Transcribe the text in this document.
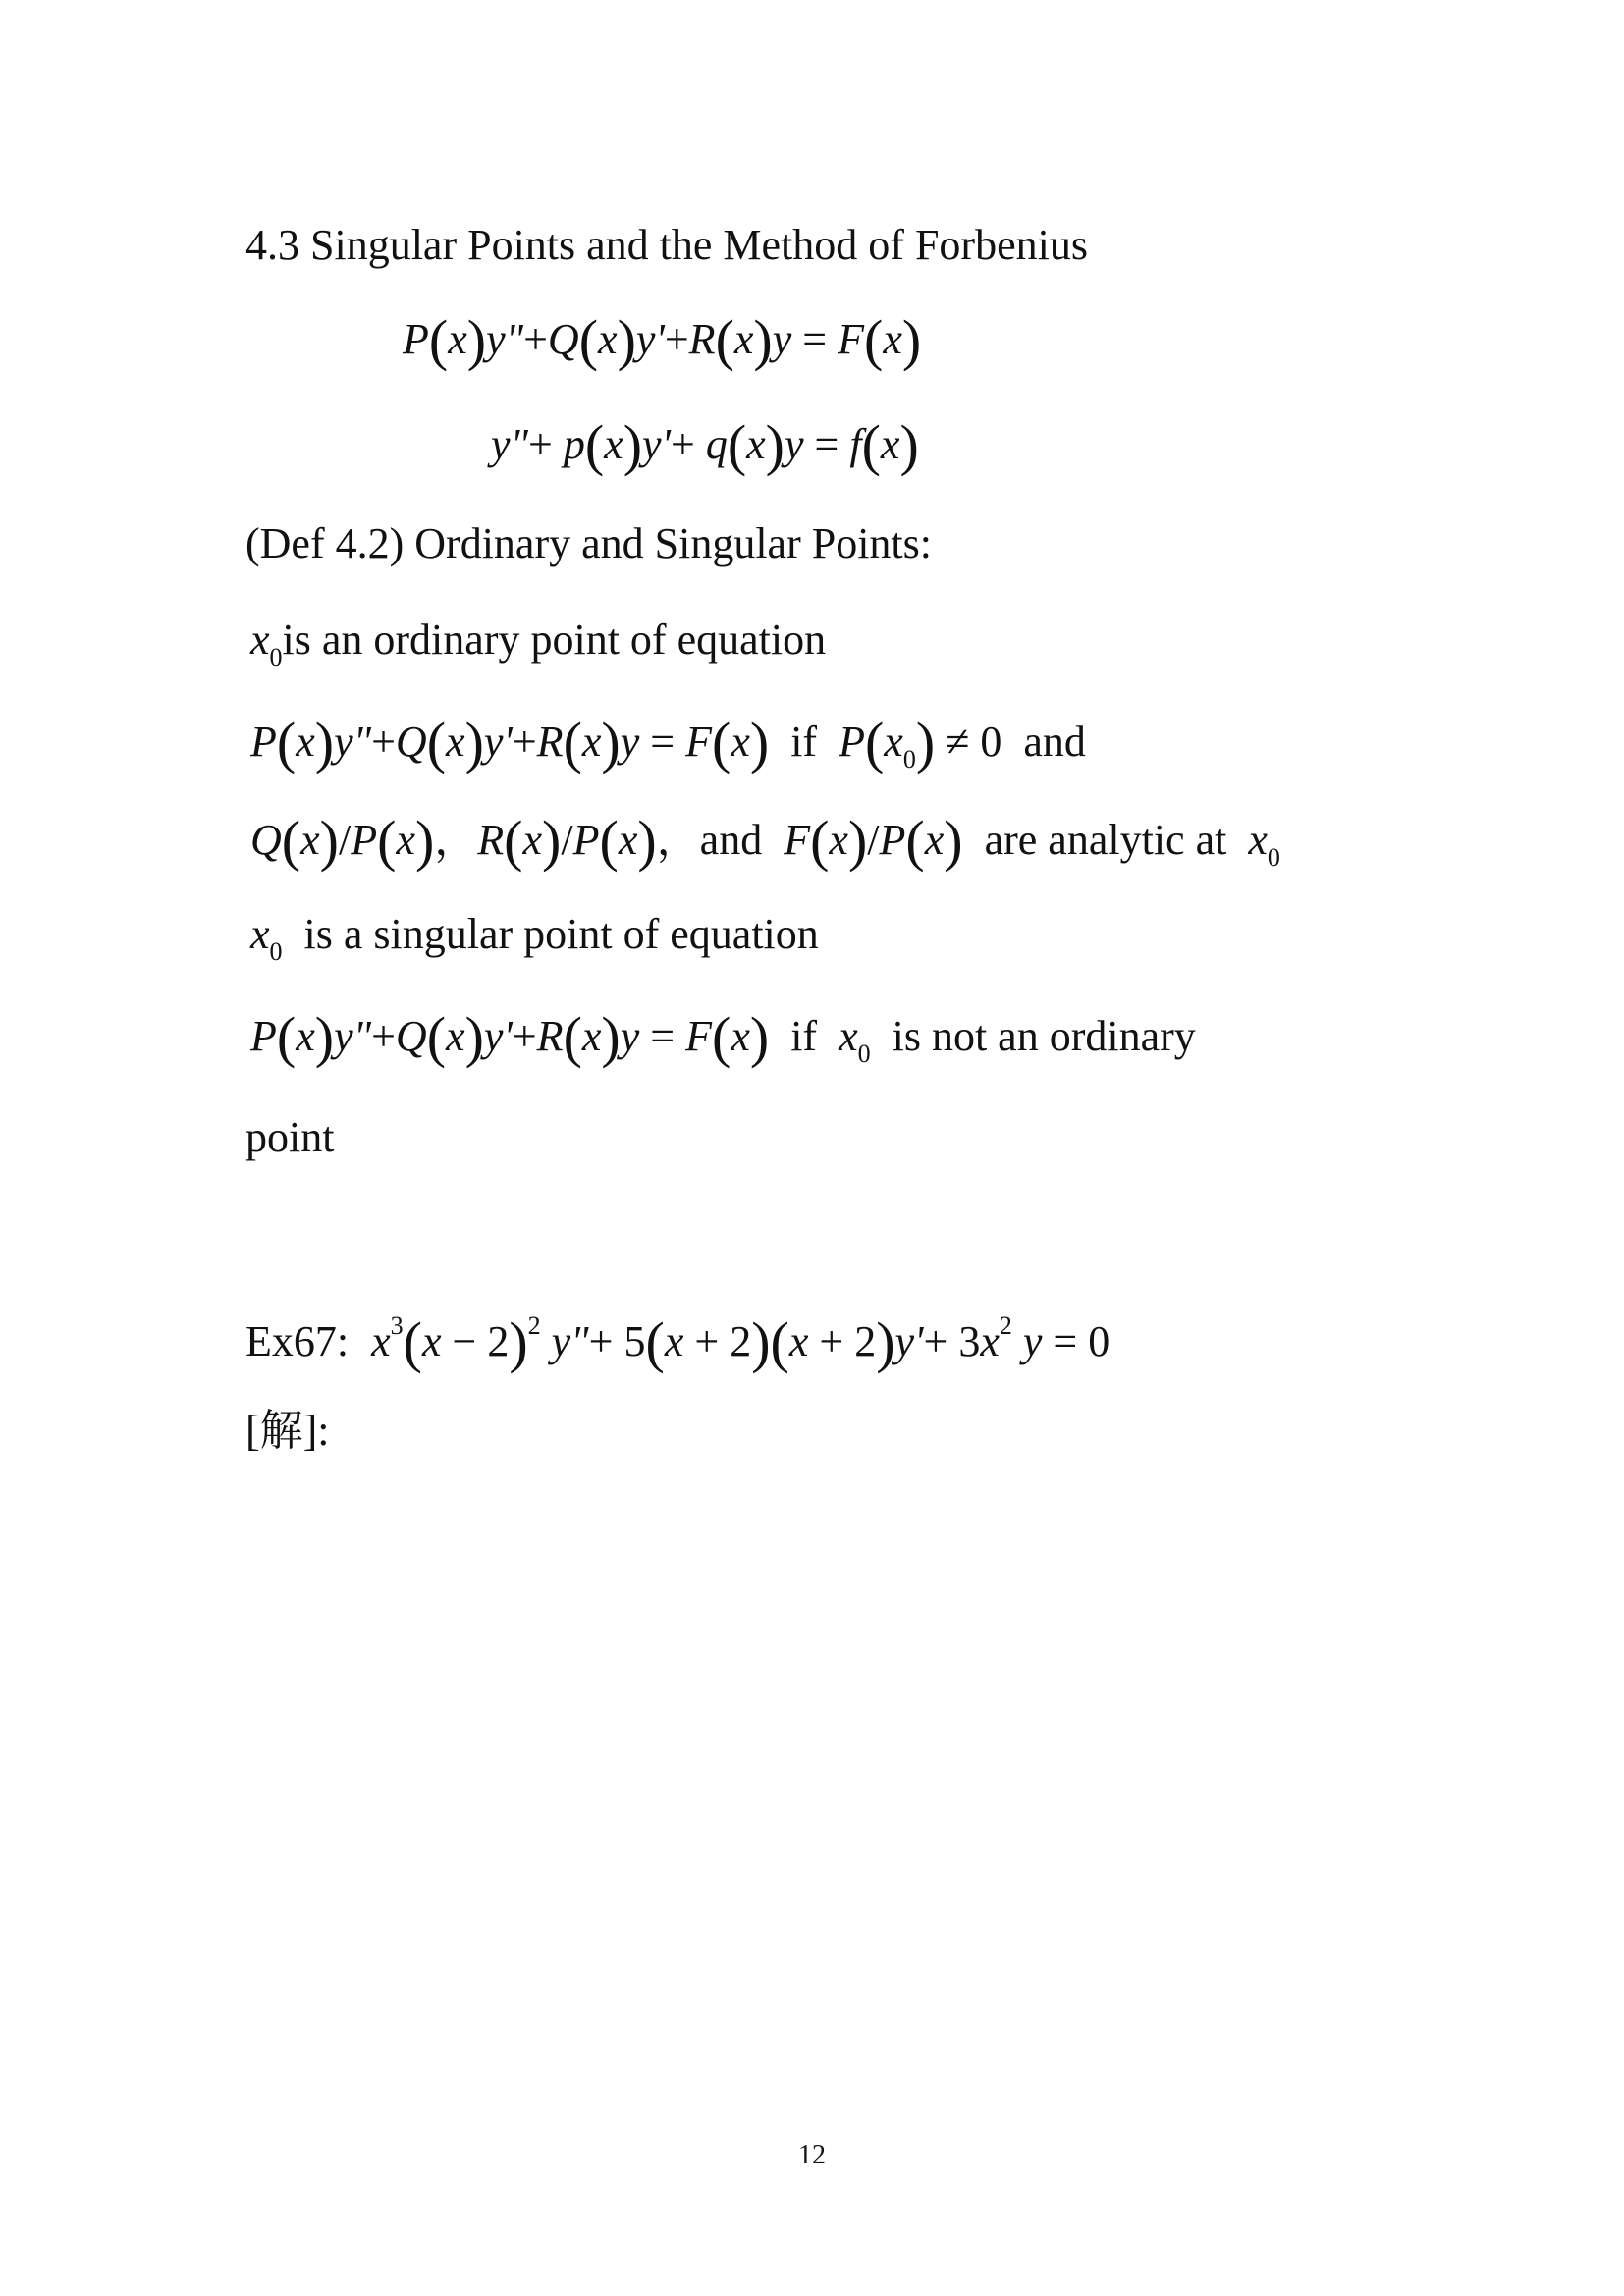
4.3 Singular Points and the Method of Forbenius
P(x)y"+Q(x)y'+R(x)y = F(x)
y"+ p(x)y'+ q(x)y = f(x)
(Def 4.2) Ordinary and Singular Points:
$x_0is$ an ordinary point of equation
P(x)y"+Q(x)y'+R(x)y = F(x) if $P(x_0) \ne 0$ and
Q(x)/P(x)，R(x)/P(x)，and F(x)/P(x) are analytic at $x_0$
$x_0$ is a singular point of equation
P(x)y"+Q(x)y'+R(x)y = F(x) if $x_0$ is not an ordinary
point
Ex67: $x^3(x - 2)^2$ y"+ $5(x + 2)(x + 2)y'+ 3x^2$ y = 0
[解]:
12
